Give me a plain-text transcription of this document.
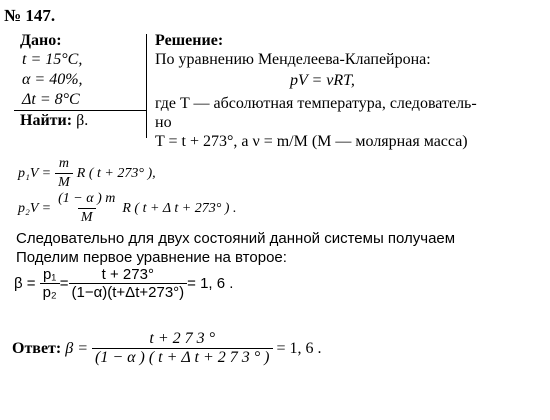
№ 147.
Дано:
t = 15°С,
α = 40%,
Δt = 8°С
Найти: β.
Решение:
По уравнению Менделеева-Клапейрона:
pV = νRT,
где T — абсолютная температура, следователь-
но
T = t + 273°, а ν = m/M (M — молярная масса)
$p_1V = \frac{m}{M}$ R ( t + 273° ),
$p_2V = \frac{(1 - \alpha ) m}{M}$ R ( t + Δ t + 273° ) .
Следовательно для двух состояний данной системы получаем
Поделим первое уравнение на второе:
$\beta = \frac{\text{p₁}}{\text{p₂}} = \frac{t + 273^\circ}{(1-\alpha)(t+\Delta t+273^\circ)} = 1$, 6 .
Ответ: $\beta = \frac{t + 2 7 3 ^\circ}{\text{(1 − α ) ( t + Δ t + 2 7 3 ° )}} = 1$, 6 .
